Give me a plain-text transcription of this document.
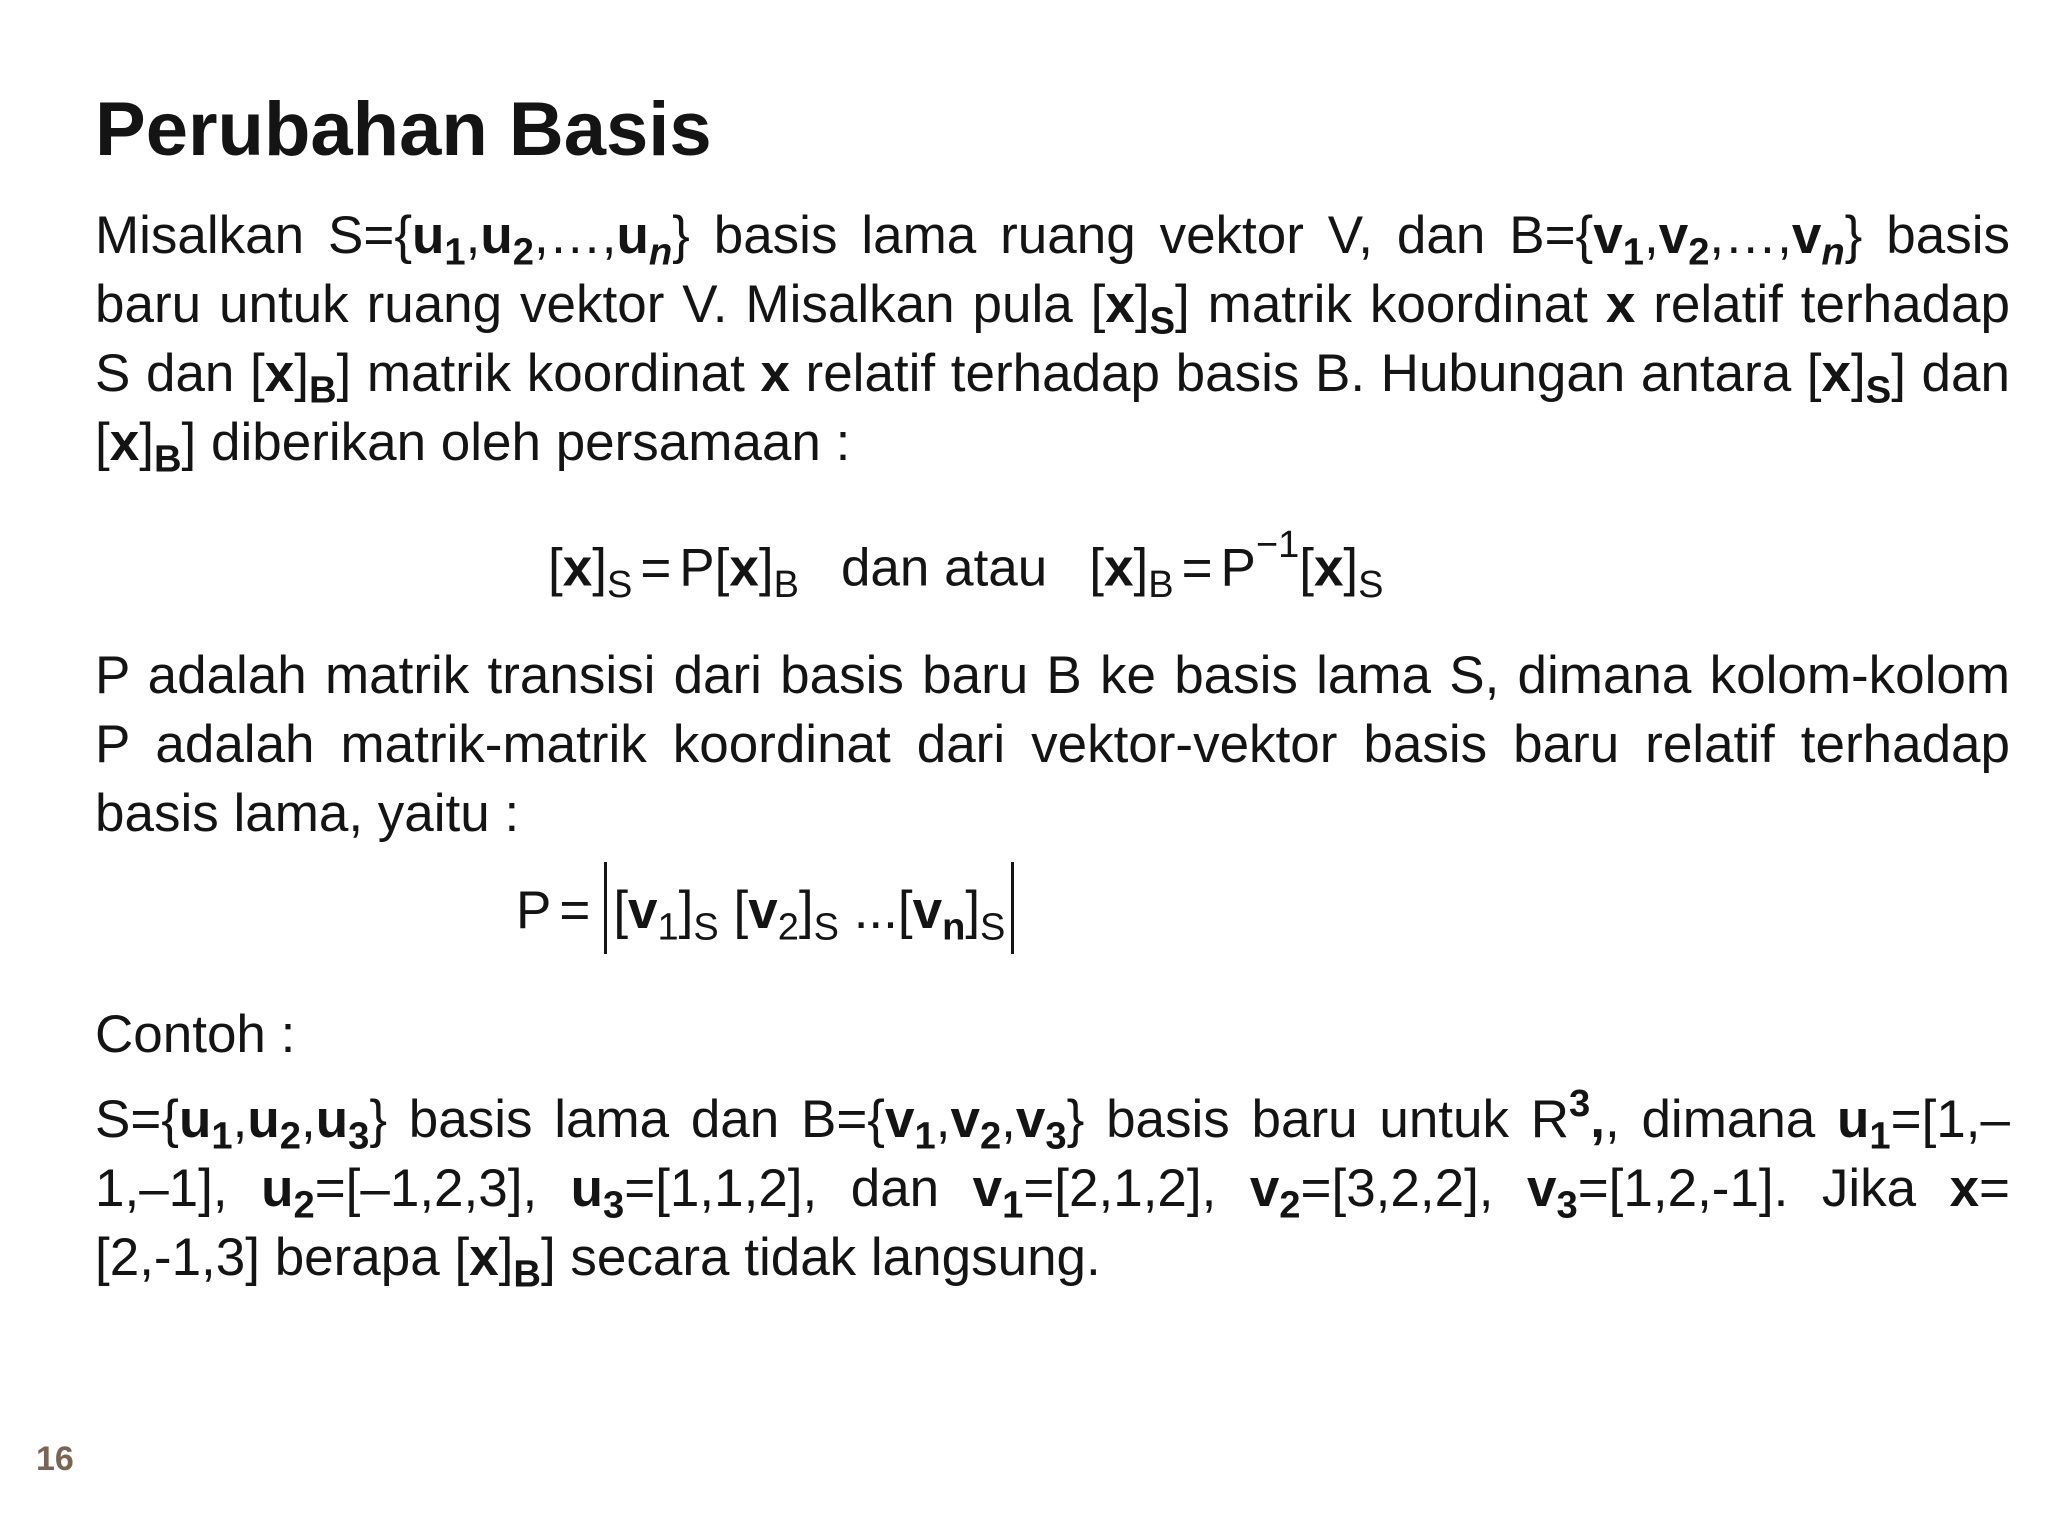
Perubahan Basis

Misalkan $S=\{u_1,u_2,\dots,u_n\}$ basis lama ruang vektor V, dan $B=\{v_1,v_2,\dots,v_n\}$ basis baru untuk ruang vektor V. Misalkan pula $[x]_S$] matrik koordinat x relatif terhadap S dan $[x]_B$] matrik koordinat x relatif terhadap basis B. Hubungan antara $[x]_S$] dan $[x]_B$] diberikan oleh persamaan :

$[x]_S = P[x]_B$ dan atau $[x]_B = P^{-1}[x]_S$

P adalah matrik transisi dari basis baru B ke basis lama S, dimana kolom-kolom P adalah matrik-matrik koordinat dari vektor-vektor basis baru relatif terhadap basis lama, yaitu :

$P = [v_1]_S$ $[v_2]_S$ $...[v_n]_S$

Contoh :

$S=\{u_1,u_2,u_3\}$ basis lama dan $B=\{v_1,v_2,v_3\}$ basis baru untuk $R^3$,, dimana $u_1=[1,-1,-1]$, $u_2=[-1,2,3]$, $u_3=[1,1,2]$, dan $v_1=[2,1,2]$, $v_2=[3,2,2]$, $v_3=[1,2,-1]$. Jika x=[2,-1,3] berapa $[x]_B$] secara tidak langsung.

16
